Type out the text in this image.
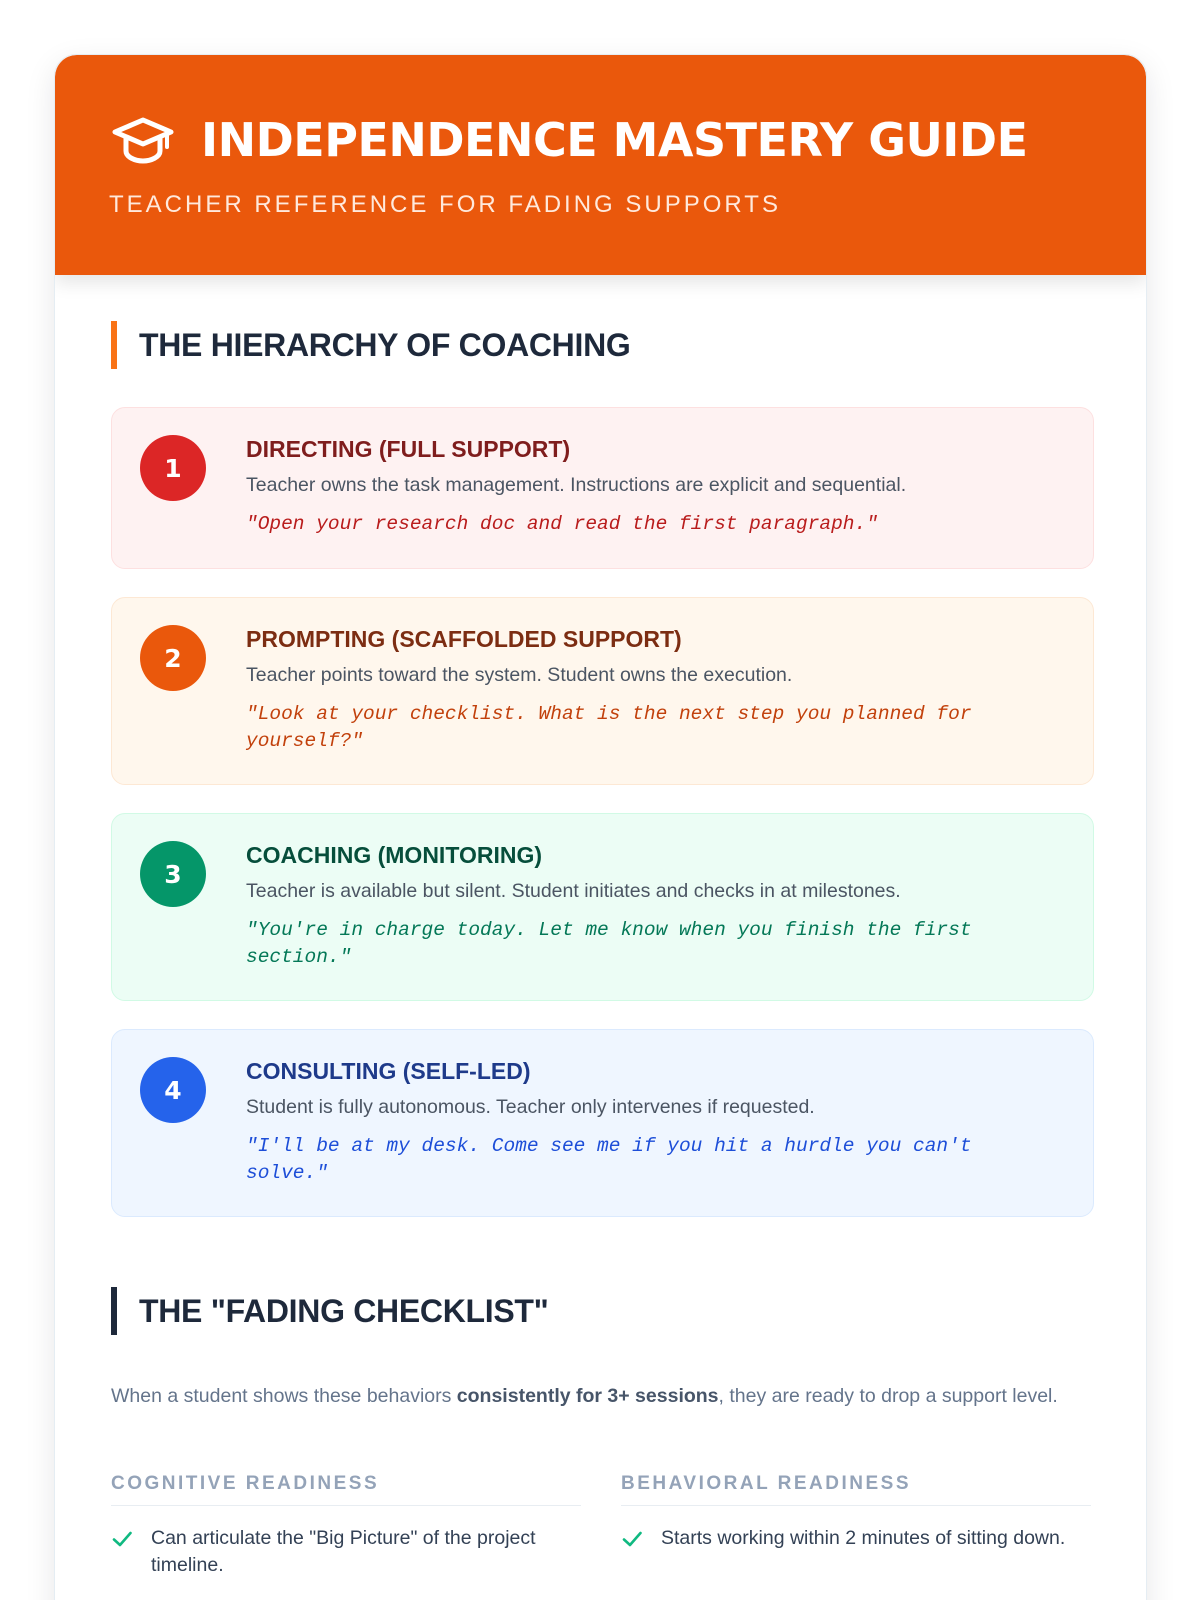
INDEPENDENCE MASTERY GUIDE
TEACHER REFERENCE FOR FADING SUPPORTS
THE HIERARCHY OF COACHING
1
DIRECTING (FULL SUPPORT)
Teacher owns the task management. Instructions are explicit and sequential.
"Open your research doc and read the first paragraph."
2
PROMPTING (SCAFFOLDED SUPPORT)
Teacher points toward the system. Student owns the execution.
"Look at your checklist. What is the next step you planned for yourself?"
3
COACHING (MONITORING)
Teacher is available but silent. Student initiates and checks in at milestones.
"You're in charge today. Let me know when you finish the first section."
4
CONSULTING (SELF-LED)
Student is fully autonomous. Teacher only intervenes if requested.
"I'll be at my desk. Come see me if you hit a hurdle you can't solve."
THE "FADING CHECKLIST"
When a student shows these behaviors consistently for 3+ sessions, they are ready to drop a support level.
COGNITIVE READINESS	BEHAVIORAL READINESS
Can articulate the "Big Picture" of the project timeline.
Starts working within 2 minutes of sitting down.
